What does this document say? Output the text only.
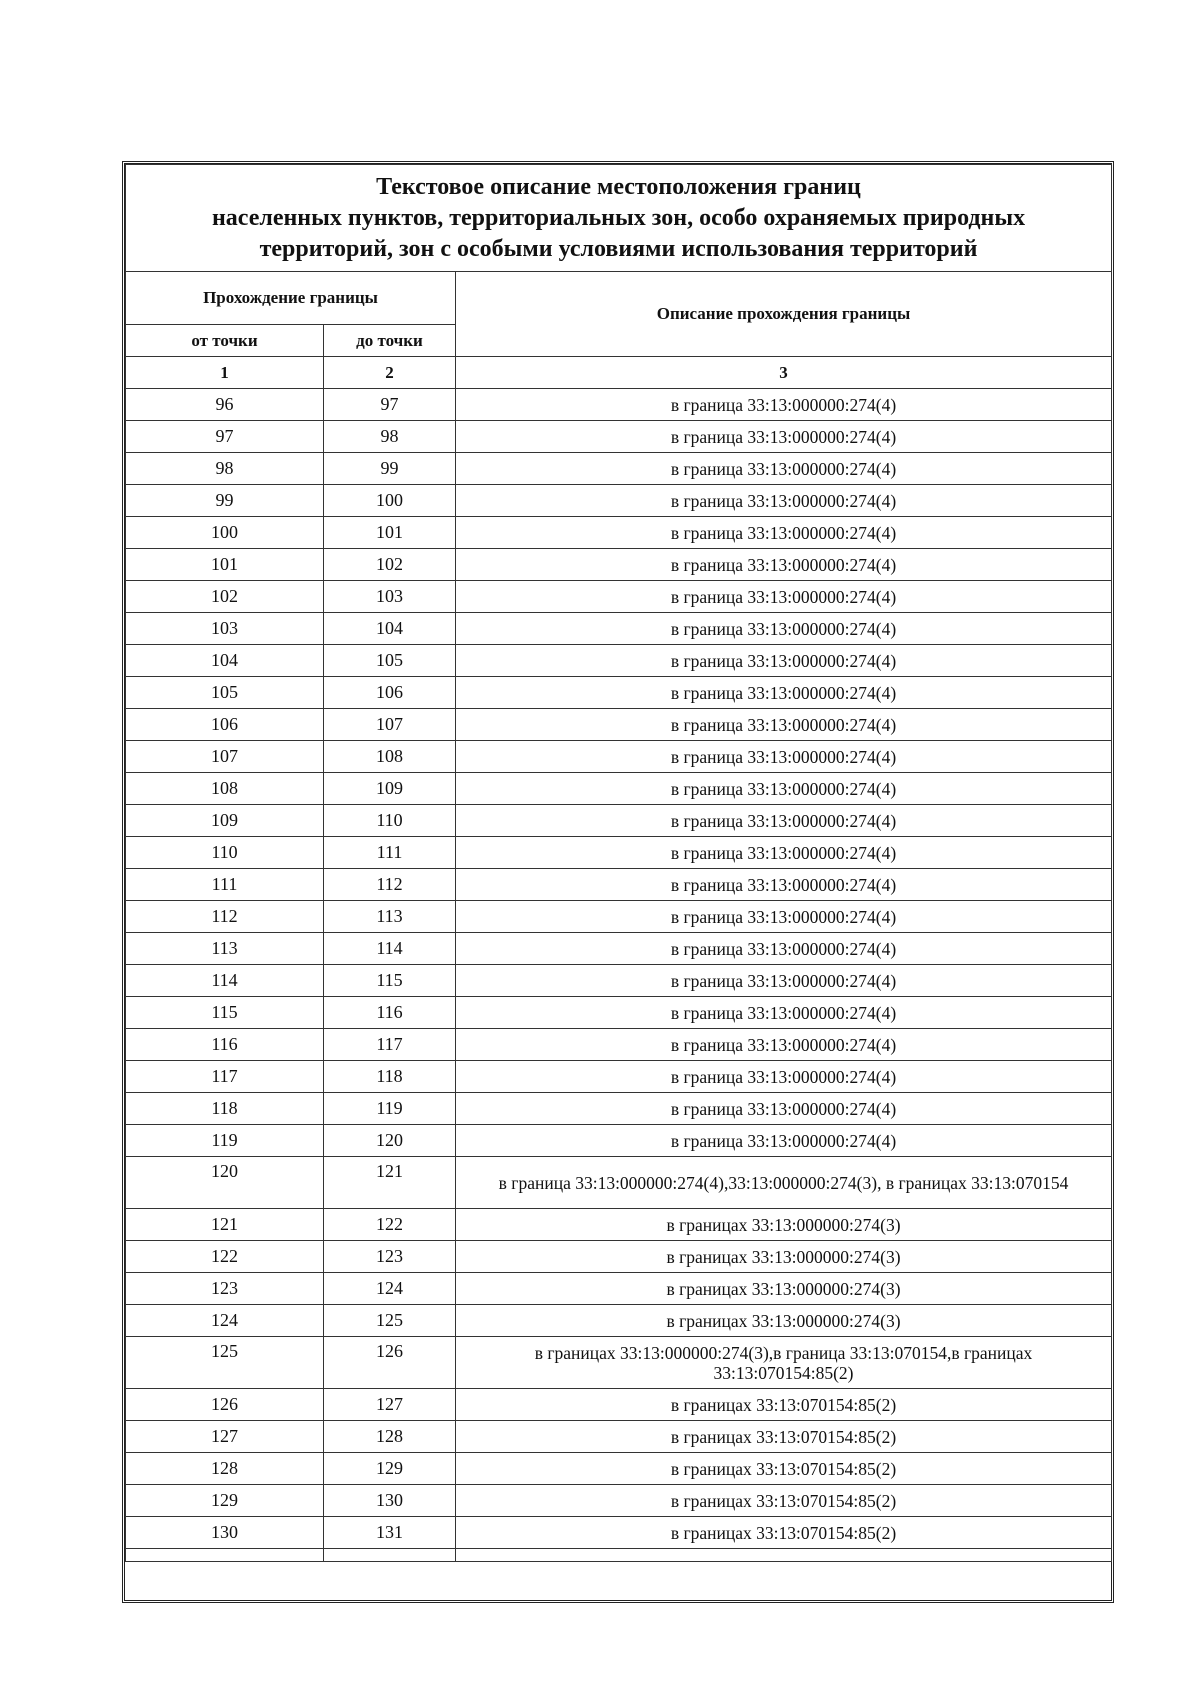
Текстовое описание местоположения границ
населенных пунктов, территориальных зон, особо охраняемых природных
территорий, зон с особыми условиями использования территорий		

Прохождение границы		Описание прохождения границы
от точки	до точки	
1	2	3
96	97	в граница 33:13:000000:274(4)
97	98	в граница 33:13:000000:274(4)
98	99	в граница 33:13:000000:274(4)
99	100	в граница 33:13:000000:274(4)
100	101	в граница 33:13:000000:274(4)
101	102	в граница 33:13:000000:274(4)
102	103	в граница 33:13:000000:274(4)
103	104	в граница 33:13:000000:274(4)
104	105	в граница 33:13:000000:274(4)
105	106	в граница 33:13:000000:274(4)
106	107	в граница 33:13:000000:274(4)
107	108	в граница 33:13:000000:274(4)
108	109	в граница 33:13:000000:274(4)
109	110	в граница 33:13:000000:274(4)
110	111	в граница 33:13:000000:274(4)
111	112	в граница 33:13:000000:274(4)
112	113	в граница 33:13:000000:274(4)
113	114	в граница 33:13:000000:274(4)
114	115	в граница 33:13:000000:274(4)
115	116	в граница 33:13:000000:274(4)
116	117	в граница 33:13:000000:274(4)
117	118	в граница 33:13:000000:274(4)
118	119	в граница 33:13:000000:274(4)
119	120	в граница 33:13:000000:274(4)
120	121	в граница 33:13:000000:274(4),33:13:000000:274(3), в границах 33:13:070154
121	122	в границах 33:13:000000:274(3)
122	123	в границах 33:13:000000:274(3)
123	124	в границах 33:13:000000:274(3)
124	125	в границах 33:13:000000:274(3)
125	126	в границах 33:13:000000:274(3),в граница 33:13:070154,в границах 33:13:070154:85(2)
126	127	в границах 33:13:070154:85(2)
127	128	в границах 33:13:070154:85(2)
128	129	в границах 33:13:070154:85(2)
129	130	в границах 33:13:070154:85(2)
130	131	в границах 33:13:070154:85(2)
